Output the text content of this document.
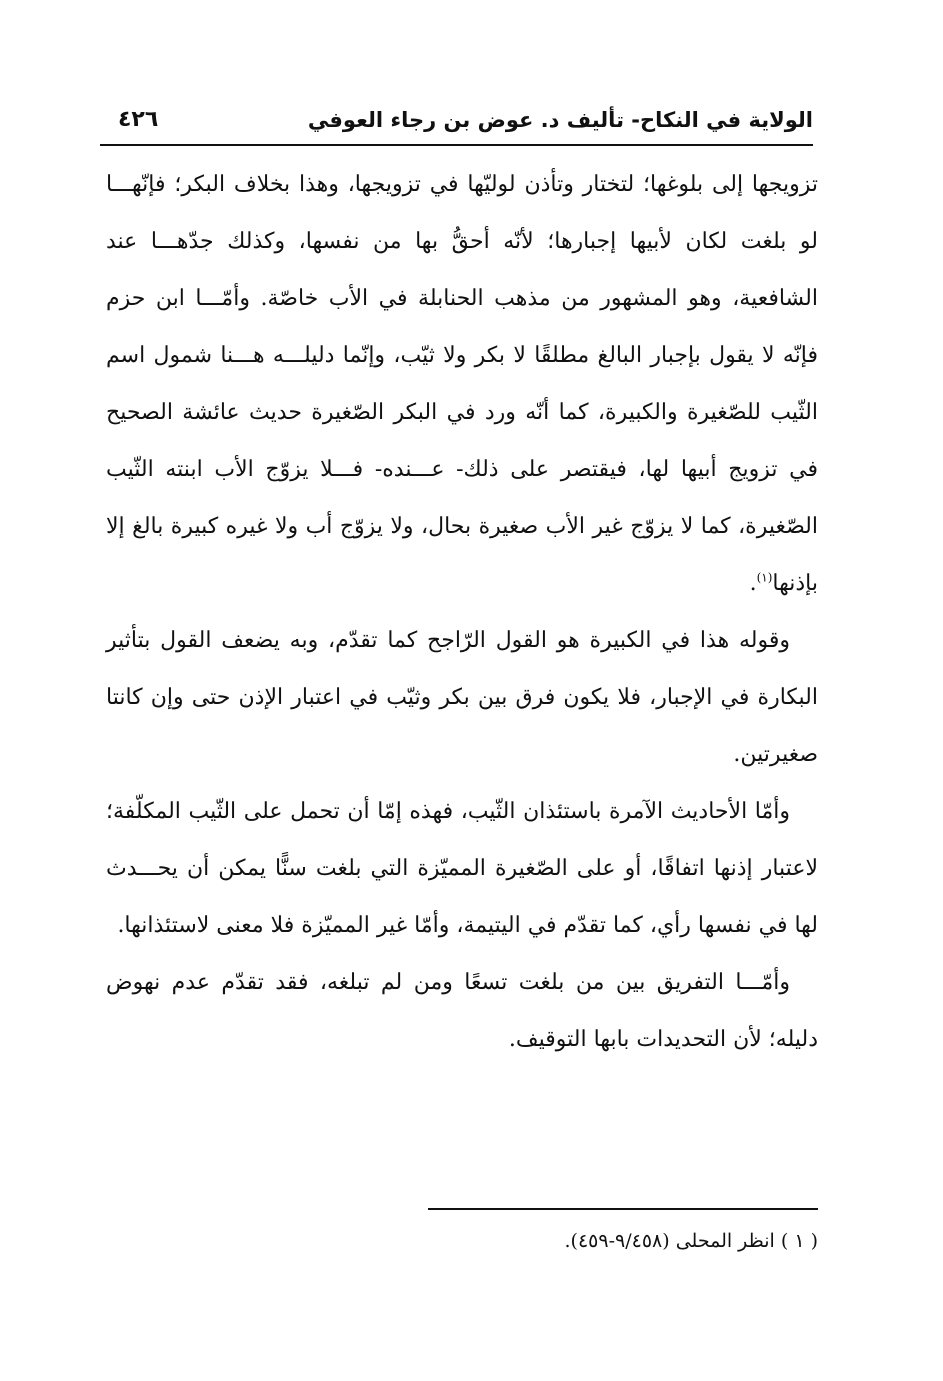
الولاية في النكاح- تأليف د. عوض بن رجاء العوفي
٤٢٦

تزويجها إلى بلوغها؛ لتختار وتأذن لوليّها في تزويجها، وهذا بخلاف البكر؛ فإنّهـــا لو بلغت لكان لأبيها إجبارها؛ لأنّه أحقُّ بها من نفسها، وكذلك جدّهـــا عند الشافعية، وهو المشهور من مذهب الحنابلة في الأب خاصّة. وأمّـــا ابن حزم فإنّه لا يقول بإجبار البالغ مطلقًا لا بكر ولا ثيّب، وإنّما دليلـــه هـــنا شمول اسم الثّيب للصّغيرة والكبيرة، كما أنّه ورد في البكر الصّغيرة حديث عائشة الصحيح في تزويج أبيها لها، فيقتصر على ذلك- عـــنده- فـــلا يزوّج الأب ابنته الثّيب الصّغيرة، كما لا يزوّج غير الأب صغيرة بحال، ولا يزوّج أب ولا غيره كبيرة بالغ إلا بإذنها$^{(١)}$.

وقوله هذا في الكبيرة هو القول الرّاجح كما تقدّم، وبه يضعف القول بتأثير البكارة في الإجبار، فلا يكون فرق بين بكر وثيّب في اعتبار الإذن حتى وإن كانتا صغيرتين.

وأمّا الأحاديث الآمرة باستئذان الثّيب، فهذه إمّا أن تحمل على الثّيب المكلّفة؛ لاعتبار إذنها اتفاقًا، أو على الصّغيرة المميّزة التي بلغت سنًّا يمكن أن يحـــدث لها في نفسها رأي، كما تقدّم في اليتيمة، وأمّا غير المميّزة فلا معنى لاستئذانها.

وأمّـــا التفريق بين من بلغت تسعًا ومن لم تبلغه، فقد تقدّم عدم نهوض دليله؛ لأن التحديدات بابها التوقيف.

( ١ ) انظر المحلى (٩/٤٥٨-٤٥٩).
